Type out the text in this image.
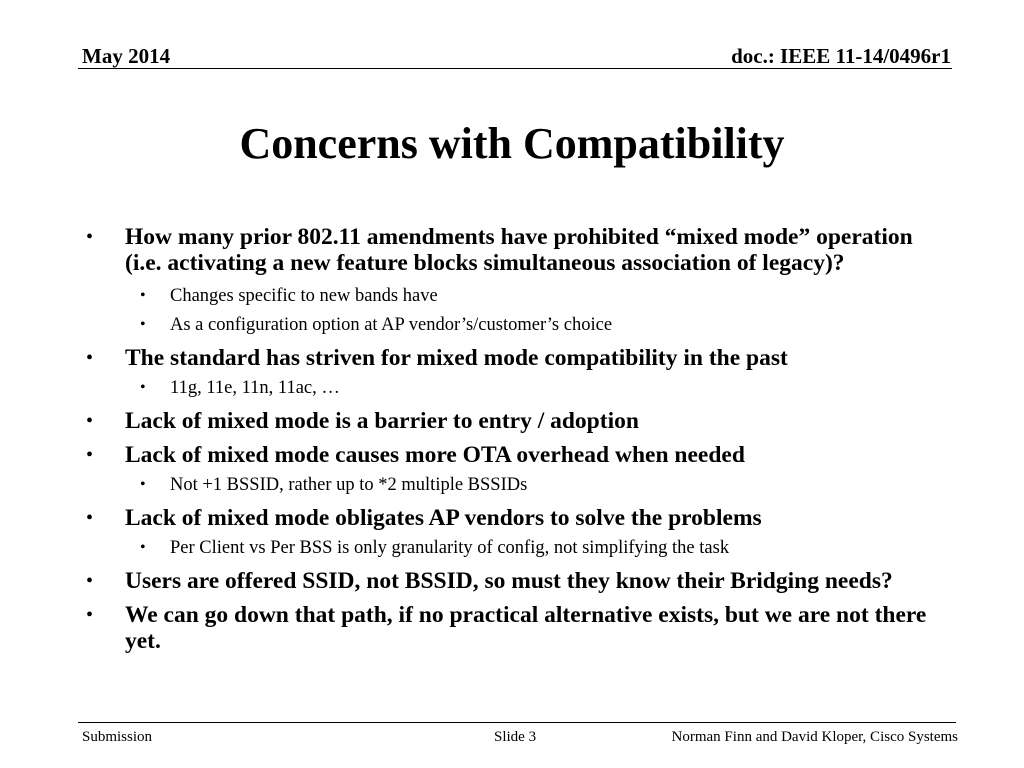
May 2014	doc.: IEEE 11-14/0496r1
Concerns with Compatibility
• How many prior 802.11 amendments have prohibited “mixed mode” operation (i.e. activating a new feature blocks simultaneous association of legacy)?
• Changes specific to new bands have
• As a configuration option at AP vendor’s/customer’s choice
• The standard has striven for mixed mode compatibility in the past
• 11g, 11e, 11n, 11ac, …
• Lack of mixed mode is a barrier to entry / adoption
• Lack of mixed mode causes more OTA overhead when needed
• Not +1 BSSID, rather up to *2 multiple BSSIDs
• Lack of mixed mode obligates AP vendors to solve the problems
• Per Client vs Per BSS is only granularity of config, not simplifying the task
• Users are offered SSID, not BSSID, so must they know their Bridging needs?
• We can go down that path, if no practical alternative exists, but we are not there yet.
Submission	Slide 3	Norman Finn and David Kloper, Cisco Systems
